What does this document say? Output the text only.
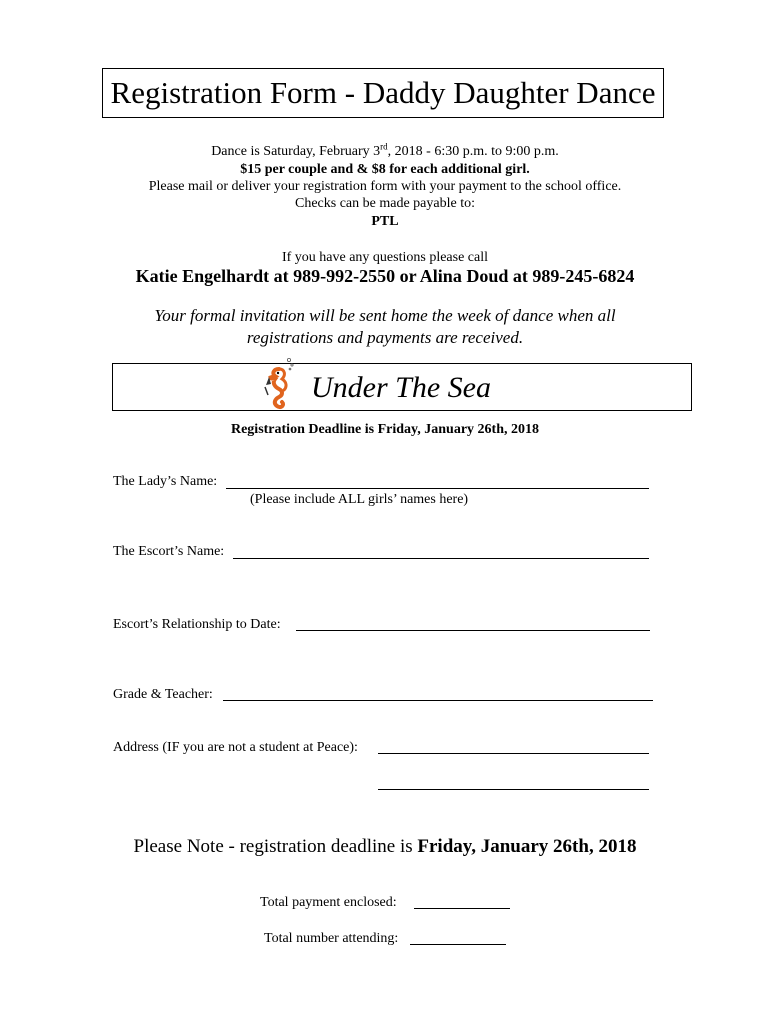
Registration Form - Daddy Daughter Dance
Dance is Saturday, February 3rd, 2018 - 6:30 p.m. to 9:00 p.m.
$15 per couple and & $8 for each additional girl.
Please mail or deliver your registration form with your payment to the school office.
Checks can be made payable to:
PTL
If you have any questions please call
Katie Engelhardt at 989-992-2550 or Alina Doud at 989-245-6824
Your formal invitation will be sent home the week of dance when all
registrations and payments are received.
Under The Sea
Registration Deadline is Friday, January 26th, 2018
The Lady’s Name:
(Please include ALL girls’ names here)
The Escort’s Name:
Escort’s Relationship to Date:
Grade & Teacher:
Address (IF you are not a student at Peace):
Please Note - registration deadline is Friday, January 26th, 2018
Total payment enclosed:
Total number attending:
